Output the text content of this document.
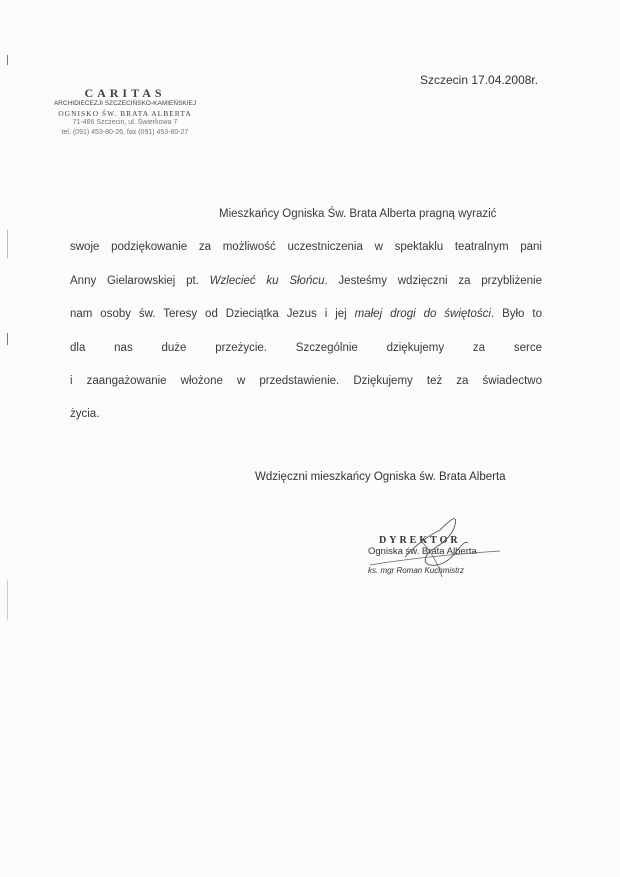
CARITAS
ARCHIDIECEZJI SZCZECIŃSKO-KAMIEŃSKIEJ
OGNISKO ŚW. BRATA ALBERTA
71-486 Szczecin, ul. Świerkowa 7
tel. (091) 453-80-26, fax (091) 453-80-27
Szczecin 17.04.2008r.
Mieszkańcy Ogniska Św. Brata Alberta pragną wyrazić
swoje podziękowanie za możliwość uczestniczenia w spektaklu teatralnym pani
Anny Gielarowskiej pt. Wzlecieć ku Słońcu. Jesteśmy wdzięczni za przybliżenie
nam osoby św. Teresy od Dzieciątka Jezus i jej małej drogi do świętości. Było to
dla nas duże przeżycie. Szczególnie dziękujemy za serce
i zaangażowanie włożone w przedstawienie. Dziękujemy też za świadectwo
życia.
Wdzięczni mieszkańcy Ogniska św. Brata Alberta
DYREKTOR
Ogniska św. Brata Alberta
ks. mgr Roman Kuchmistrz
